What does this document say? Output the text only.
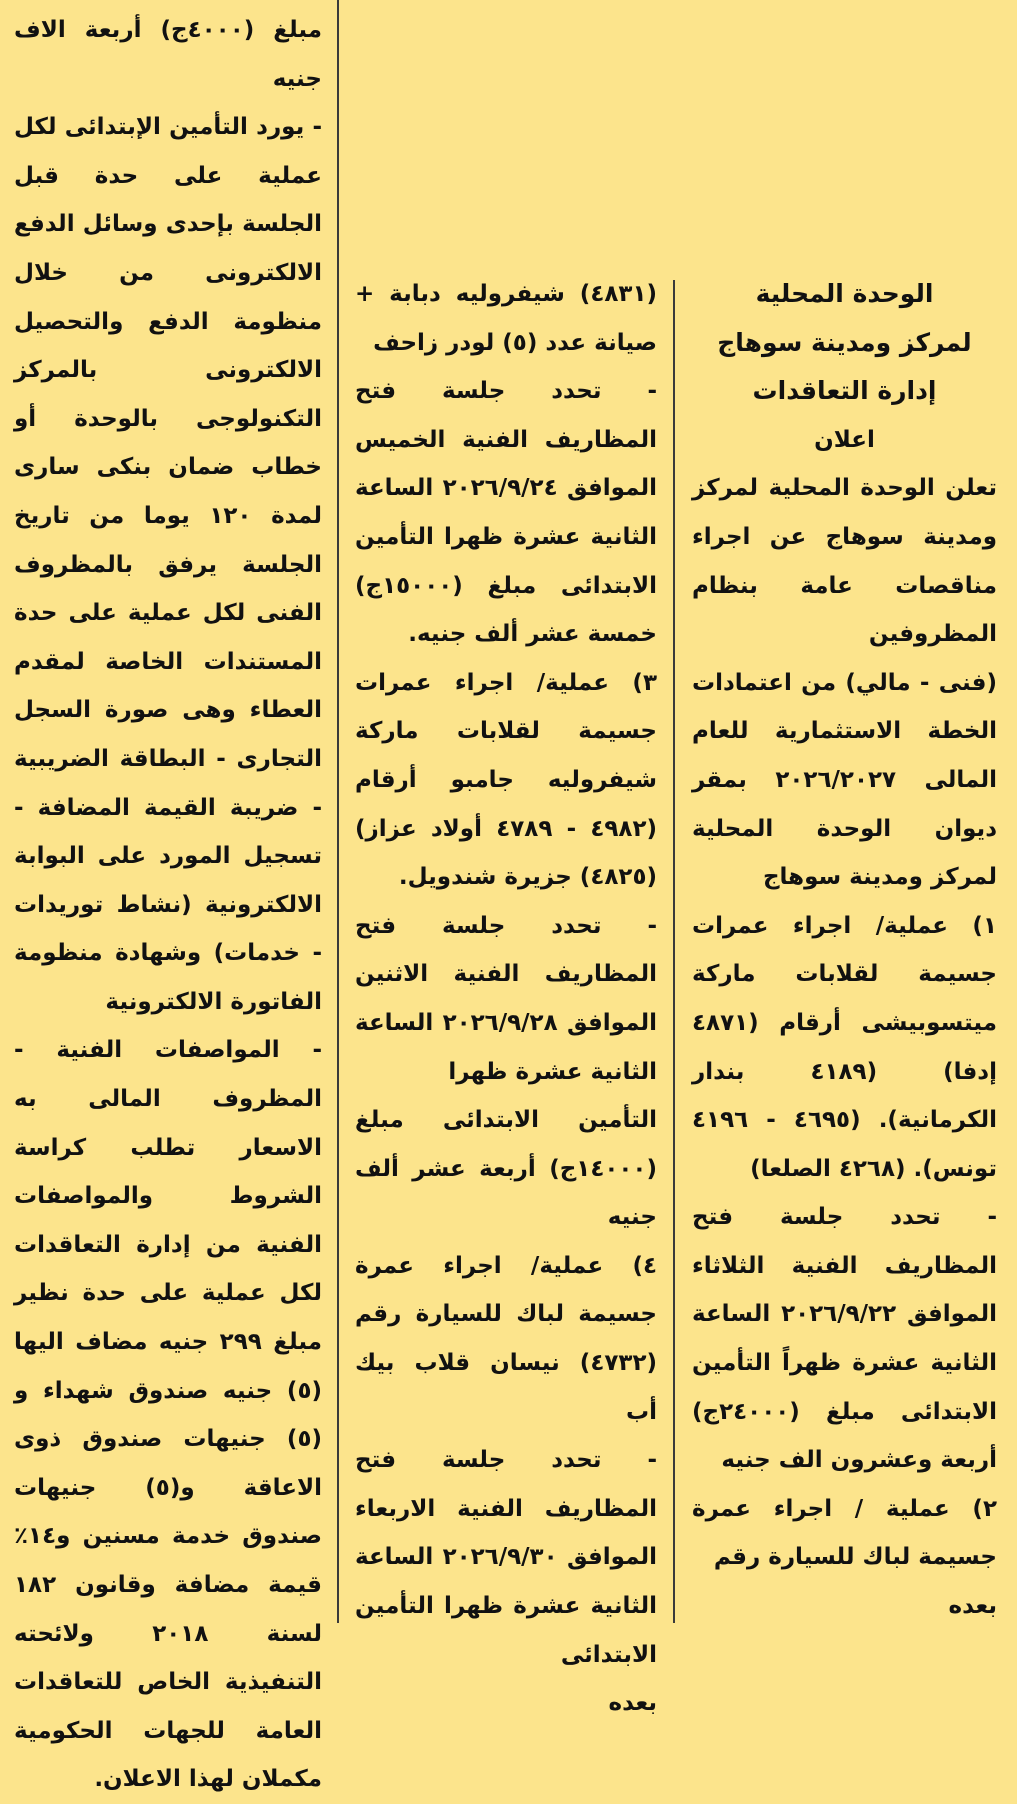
الوحدة المحلية

لمركز ومدينة سوهاج

إدارة التعاقدات

اعلان

تعلن الوحدة المحلية لمركز ومدينة سوهاج عن اجراء مناقصات عامة بنظام المظروفين

(فنى - مالي) من اعتمادات الخطة الاستثمارية للعام المالى ٢٠٢٦/٢٠٢٧ بمقر ديوان الوحدة المحلية لمركز ومدينة سوهاج

١) عملية/ اجراء عمرات جسيمة لقلابات ماركة ميتسوبيشى أرقام (٤٨٧١ إدفا) (٤١٨٩ بندار الكرمانية). (٤٦٩٥ - ٤١٩٦ تونس). (٤٢٦٨ الصلعا)

- تحدد جلسة فتح المظاريف الفنية الثلاثاء الموافق ٢٠٢٦/٩/٢٢ الساعة الثانية عشرة ظهراً التأمين الابتدائى مبلغ (٢٤٠٠٠ج) أربعة وعشرون الف جنيه

٢) عملية / اجراء عمرة جسيمة لباك للسيارة رقم

بعده

(٤٨٣١) شيفروليه دبابة + صيانة عدد (٥) لودر زاحف

- تحدد جلسة فتح المظاريف الفنية الخميس الموافق ٢٠٢٦/٩/٢٤ الساعة الثانية عشرة ظهرا التأمين الابتدائى مبلغ (١٥٠٠٠ج) خمسة عشر ألف جنيه.

٣) عملية/ اجراء عمرات جسيمة لقلابات ماركة شيفروليه جامبو أرقام (٤٩٨٢ - ٤٧٨٩ أولاد عزاز) (٤٨٢٥) جزيرة شندويل.

- تحدد جلسة فتح المظاريف الفنية الاثنين الموافق ٢٠٢٦/٩/٢٨ الساعة الثانية عشرة ظهرا

التأمين الابتدائى مبلغ (١٤٠٠٠ج) أربعة عشر ألف جنيه

٤) عملية/ اجراء عمرة جسيمة لباك للسيارة رقم (٤٧٣٢) نيسان قلاب بيك أب

- تحدد جلسة فتح المظاريف الفنية الاربعاء الموافق ٢٠٢٦/٩/٣٠ الساعة الثانية عشرة ظهرا التأمين الابتدائى

بعده

مبلغ (٤٠٠٠ج) أربعة الاف جنيه

- يورد التأمين الإبتدائى لكل عملية على حدة قبل الجلسة بإحدى وسائل الدفع الالكترونى من خلال منظومة الدفع والتحصيل الالكترونى بالمركز التكنولوجى بالوحدة أو خطاب ضمان بنكى سارى لمدة ١٢٠ يوما من تاريخ الجلسة يرفق بالمظروف الفنى لكل عملية على حدة المستندات الخاصة لمقدم العطاء وهى صورة السجل التجارى - البطاقة الضريبية - ضريبة القيمة المضافة - تسجيل المورد على البوابة الالكترونية (نشاط توريدات - خدمات) وشهادة منظومة الفاتورة الالكترونية

- المواصفات الفنية - المظروف المالى به الاسعار تطلب كراسة الشروط والمواصفات الفنية من إدارة التعاقدات لكل عملية على حدة نظير مبلغ ٢٩٩ جنيه مضاف اليها (٥) جنيه صندوق شهداء و (٥) جنيهات صندوق ذوى الاعاقة و(٥) جنيهات صندوق خدمة مسنين و١٤٪ قيمة مضافة وقانون ١٨٢ لسنة ٢٠١٨ ولائحته التنفيذية الخاص للتعاقدات العامة للجهات الحكومية مكملان لهذا الاعلان.
